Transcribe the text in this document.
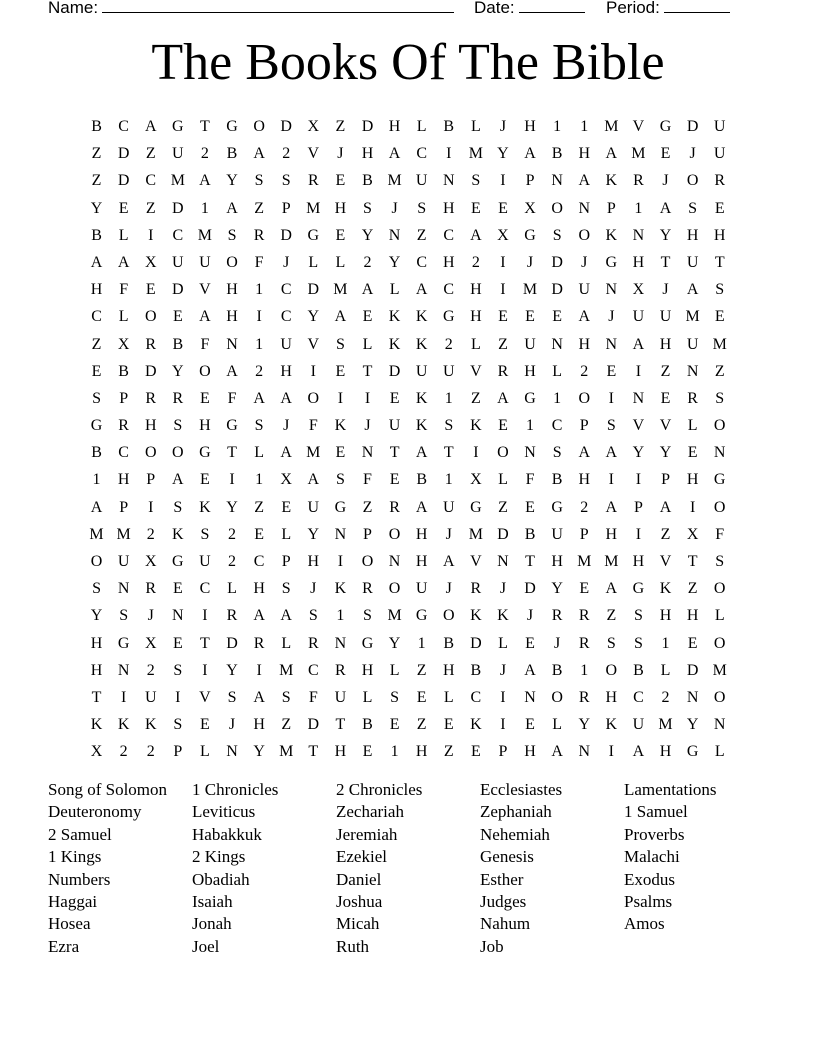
Name:	Date:	Period:
The Books Of The Bible
B	C A G	T	G O D X	Z	D H	L	B	L	J	H	1	1 M V G D U
Z	D	Z	U	2	B A	2	V	J	H A C	I	M Y A B H A M E	J	U
Z	D C M A Y	S	S	R	E	B M U N	S	I	P	N A K R	J	O R
Y	E	Z	D	1	A	Z	P M H	S	J	S	H	E	E	X O N	P	1	A	S	E
B	L	I	C M S	R D G	E	Y N	Z	C A X G	S	O K N Y H H
A A X U U O	F	J	L	L	2	Y C H	2	I	J	D	J	G H	T	U	T
H	F	E	D V H	1	C D M A	L	A C H	I	M D U N X	J	A	S
C	L	O	E	A H	I	C Y A	E	K K G H	E	E	E	A	J	U U M E
Z	X R	B	F	N	1	U V	S	L	K K	2	L	Z	U N H N A H U M
E	B D Y O A	2	H	I	E	T	D U U V R H	L	2	E	I	Z	N	Z
S	P	R	R	E	F	A A O	I	I	E	K	1	Z	A G	1	O	I	N	E	R	S
G R H	S	H G	S	J	F	K	J	U K	S	K	E	1	C	P	S	V V	L	O
B	C O O G	T	L	A M E	N	T	A	T	I	O N	S	A A Y Y	E	N
1	H	P	A	E	I	1	X A	S	F	E	B	1	X	L	F	B H	I	I	P	H G
A	P	I	S	K Y	Z	E	U G	Z	R A U G	Z	E	G	2	A	P	A	I	O
M M 2	K	S	2	E	L	Y N	P	O H	J	M D B U	P	H	I	Z	X	F
O U X G U	2	C	P	H	I	O N H A V N	T	H M M H V	T	S
S	N R	E	C	L	H	S	J	K R O U	J	R	J	D Y	E	A G K	Z	O
Y	S	J	N	I	R A A	S	1	S M G O K K	J	R	R	Z	S	H H	L
H G X	E	T	D R	L	R N G Y	1	B D	L	E	J	R	S	S	1	E	O
H N	2	S	I	Y	I	M C	R H	L	Z	H B	J	A B	1	O B	L	D M
T	I	U	I	V	S	A	S	F	U	L	S	E	L	C	I	N O R H C	2	N O
K K K	S	E	J	H	Z	D	T	B	E	Z	E	K	I	E	L	Y K U M Y N
X	2	2	P	L	N Y M T	H	E	1	H	Z	E	P	H A N	I	A H G	L
Song of Solomon	1 Chronicles	2 Chronicles	Ecclesiastes	Lamentations
Deuteronomy	Leviticus	Zechariah	Zephaniah	1 Samuel
2 Samuel	Habakkuk	Jeremiah	Nehemiah	Proverbs
1 Kings	2 Kings	Ezekiel	Genesis	Malachi
Numbers	Obadiah	Daniel	Esther	Exodus
Haggai	Isaiah	Joshua	Judges	Psalms
Hosea	Jonah	Micah	Nahum	Amos
Ezra	Joel	Ruth	Job
